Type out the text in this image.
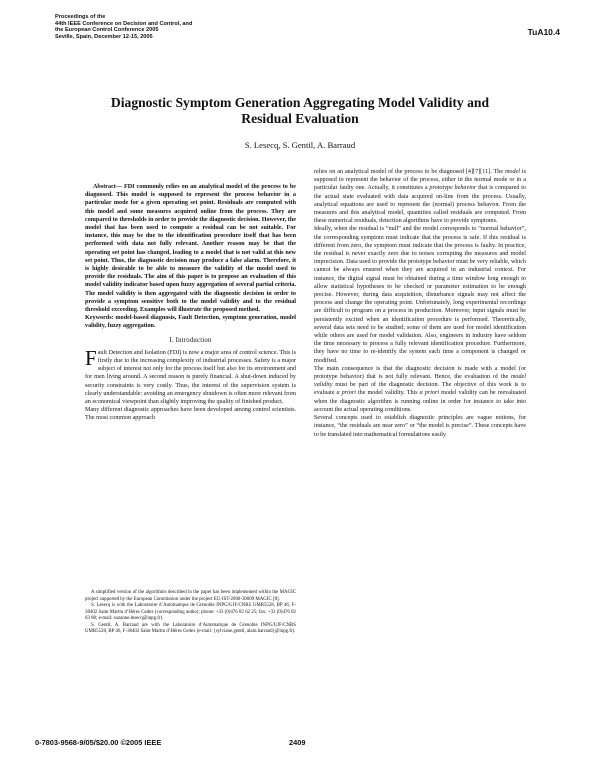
Proceedings of the
44th IEEE Conference on Decision and Control, and
the European Control Conference 2005
Seville, Spain, December 12-15, 2005	TuA10.4
Diagnostic Symptom Generation Aggregating Model Validity and
Residual Evaluation
S. Lesecq, S. Gentil, A. Barraud

Abstract— FDI commonly relies on an analytical model of the process to be diagnosed. This model is supposed to represent the process behavior in a particular mode for a given operating set point. Residuals are computed with this model and some measures acquired online from the process. They are compared to thresholds in order to provide the diagnostic decision. However, the model that has been used to compute a residual can be not suitable. For instance, this may be due to the identification procedure itself that has been performed with data not fully relevant. Another reason may be that the operating set point has changed, leading to a model that is not valid at this new set point. Thus, the diagnostic decision may produce a false alarm. Therefore, it is highly desirable to be able to measure the validity of the model used to provide the residuals. The aim of this paper is to propose an evaluation of this model validity indicator based upon fuzzy aggregation of several partial criteria. The model validity is then aggregated with the diagnostic decision in order to provide a symptom sensitive both to the model validity and to the residual threshold exceeding. Examples will illustrate the proposed method.

Keywords: model-based diagnosis, Fault Detection, symptom generation, model validity, fuzzy aggregation.

I. Introduction

Fault Detection and Isolation (FDI) is now a major area of control science. This is firstly due to the increasing complexity of industrial processes. Safety is a major subject of interest not only for the process itself but also for its environment and for men living around. A second reason is purely financial. A shut-down induced by security constraints is very costly. Thus, the interest of the supervision system is clearly understandable: avoiding an emergency shutdown is often more relevant from an economical viewpoint than slightly improving the quality of finished product.

Many different diagnostic approaches have been developed among control scientists. The most common approach

A simplified version of the algorithms described in the paper has been implemented within the MAGIC project supported by the European Commission under the project EU-IST-2000-30009 MAGIC [8].

S. Lesecq is with the Laboratoire d’Automatique de Grenoble INPG/UJF/CNRS UMR5528, BP 46, F-38402 Saint Martin d’Hères Cedex (corresponding author; phone: +33 (0)476 82 62 25; fax: +33 (0)476 82 63 88; e-mail: suzanne.lesecq@inpg.fr).

S. Gentil, A. Barraud are with the Laboratoire d’Automatique de Grenoble INPG/UJF/CNRS UMR5528, BP 46, F-38402 Saint Martin d’Hères Cedex (e-mail: {sylviane.gentil, alain.barraud}@inpg.fr).

relies on an analytical model of the process to be diagnosed [4][7][11]. The model is supposed to represent the behavior of the process, either in the normal mode or in a particular faulty one. Actually, it constitutes a prototype behavior that is compared to the actual state evaluated with data acquired on-line from the process. Usually, analytical equations are used to represent the (normal) process behavior. From the measures and this analytical model, quantities called residuals are computed. From these numerical residuals, detection algorithms have to provide symptoms.

Ideally, when the residual is “null” and the model corresponds to “normal behavior”, the corresponding symptom must indicate that the process is safe. If this residual is different from zero, the symptom must indicate that the process is faulty. In practice, the residual is never exactly zero due to noises corrupting the measures and model imprecision. Data used to provide the prototype behavior must be very reliable, which cannot be always ensured when they are acquired in an industrial context. For instance, the digital signal must be obtained during a time window long enough to allow statistical hypotheses to be checked or parameter estimation to be enough precise. However, during data acquisition, disturbance signals may not affect the process and change the operating point. Unfortunately, long experimental recordings are difficult to program on a process in production. Moreover, input signals must be persistently excited when an identification procedure is performed. Theoretically, several data sets need to be studied; some of them are used for model identification while others are used for model validation. Also, engineers in industry have seldom the time necessary to process a fully relevant identification procedure. Furthermore, they have no time to re-identify the system each time a component is changed or modified.

The main consequence is that the diagnostic decision is made with a model (or prototype behavior) that is not fully relevant. Hence, the evaluation of the model validity must be part of the diagnostic decision. The objective of this work is to evaluate a priori the model validity. This a priori model validity can be reevaluated when the diagnostic algorithm is running online in order for instance to take into account the actual operating conditions.

Several concepts used to establish diagnostic principles are vague notions, for instance, “the residuals are near zero” or “the model is precise”. These concepts have to be translated into mathematical formulations easily

0-7803-9568-9/05/$20.00 ©2005 IEEE	2409
